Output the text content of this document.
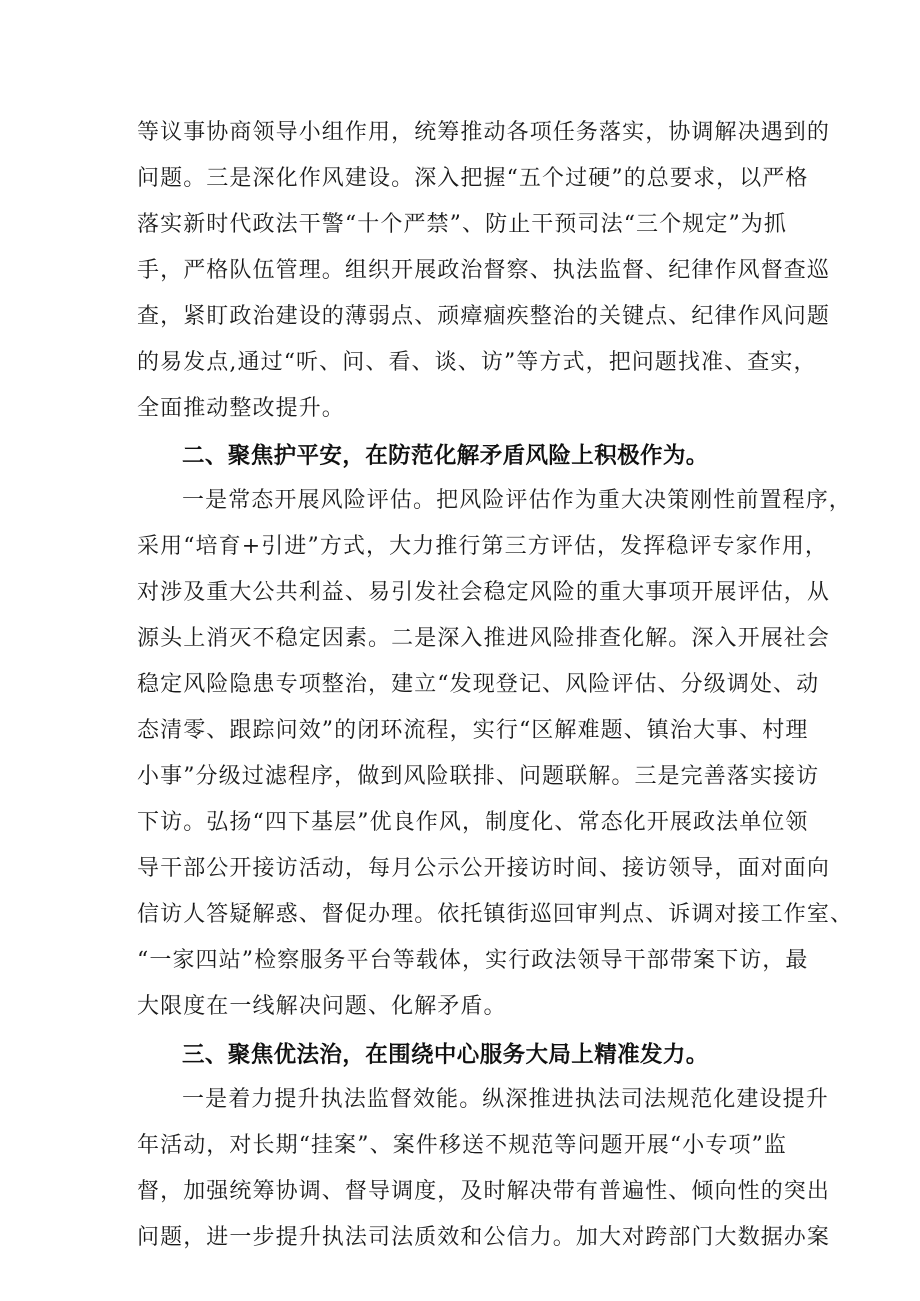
等议事协商领导小组作用，统筹推动各项任务落实，协调解决遇到的
问题。三是深化作风建设。深入把握“五个过硬”的总要求，以严格
落实新时代政法干警“十个严禁”、防止干预司法“三个规定”为抓
手，严格队伍管理。组织开展政治督察、执法监督、纪律作风督查巡
查，紧盯政治建设的薄弱点、顽瘴痼疾整治的关键点、纪律作风问题
的易发点,通过“听、问、看、谈、访”等方式，把问题找准、查实，
全面推动整改提升。
二、聚焦护平安，在防范化解矛盾风险上积极作为。
一是常态开展风险评估。把风险评估作为重大决策刚性前置程序，
采用“培育+引进”方式，大力推行第三方评估，发挥稳评专家作用，
对涉及重大公共利益、易引发社会稳定风险的重大事项开展评估，从
源头上消灭不稳定因素。二是深入推进风险排查化解。深入开展社会
稳定风险隐患专项整治，建立“发现登记、风险评估、分级调处、动
态清零、跟踪问效”的闭环流程，实行“区解难题、镇治大事、村理
小事”分级过滤程序，做到风险联排、问题联解。三是完善落实接访
下访。弘扬“四下基层”优良作风，制度化、常态化开展政法单位领
导干部公开接访活动，每月公示公开接访时间、接访领导，面对面向
信访人答疑解惑、督促办理。依托镇街巡回审判点、诉调对接工作室、
“一家四站”检察服务平台等载体，实行政法领导干部带案下访，最
大限度在一线解决问题、化解矛盾。
三、聚焦优法治，在围绕中心服务大局上精准发力。
一是着力提升执法监督效能。纵深推进执法司法规范化建设提升
年活动，对长期“挂案”、案件移送不规范等问题开展“小专项”监
督，加强统筹协调、督导调度，及时解决带有普遍性、倾向性的突出
问题，进一步提升执法司法质效和公信力。加大对跨部门大数据办案
